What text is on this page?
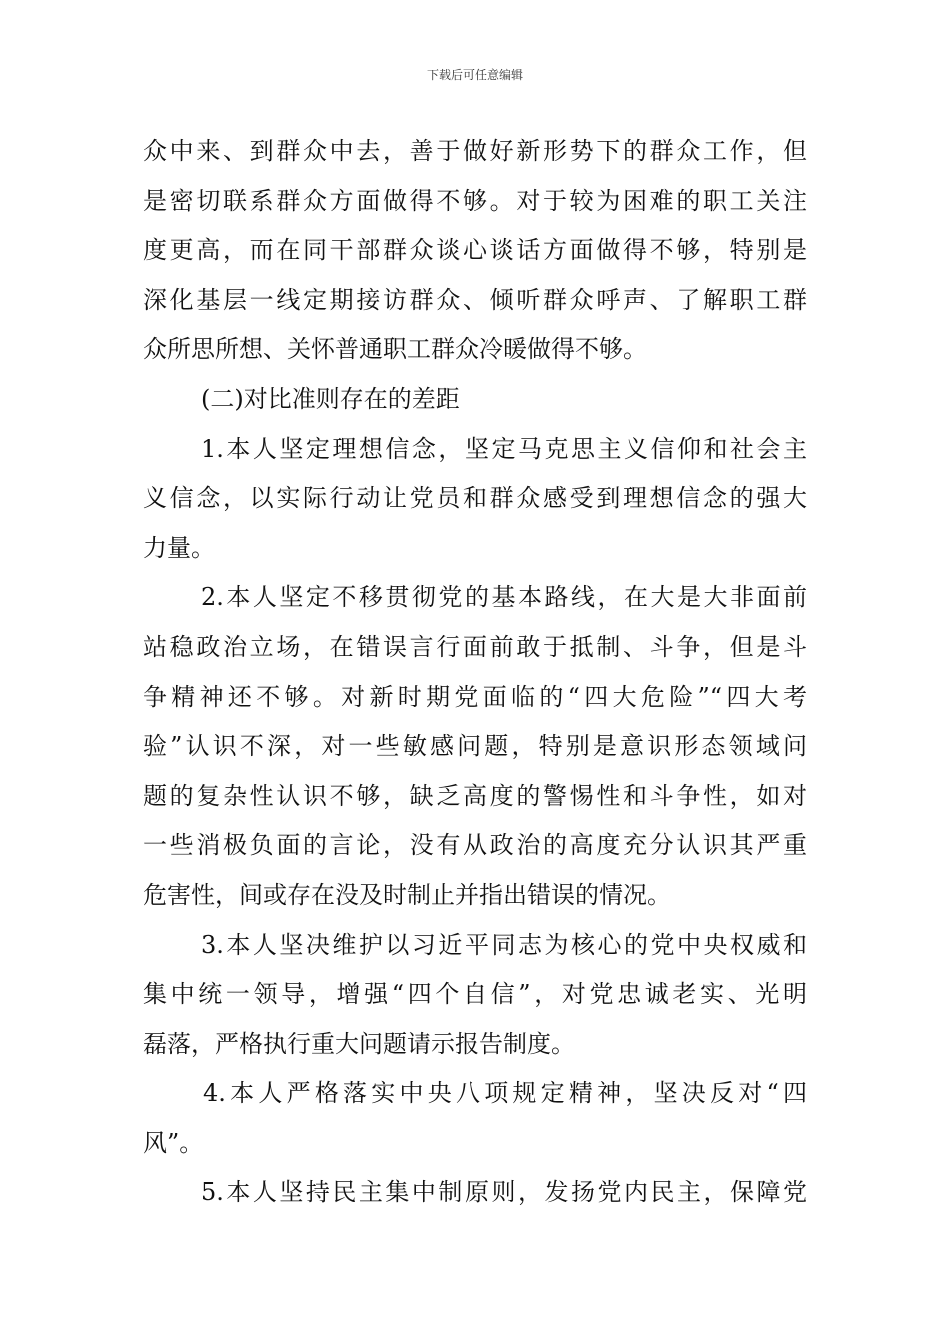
下载后可任意编辑
众中来、到群众中去，善于做好新形势下的群众工作，但
是密切联系群众方面做得不够。对于较为困难的职工关注
度更高，而在同干部群众谈心谈话方面做得不够，特别是
深化基层一线定期接访群众、倾听群众呼声、了解职工群
众所思所想、关怀普通职工群众冷暖做得不够。
(二)对比准则存在的差距
1.本人坚定理想信念，坚定马克思主义信仰和社会主
义信念，以实际行动让党员和群众感受到理想信念的强大
力量。
2.本人坚定不移贯彻党的基本路线，在大是大非面前
站稳政治立场，在错误言行面前敢于抵制、斗争，但是斗
争精神还不够。对新时期党面临的“四大危险”“四大考
验”认识不深，对一些敏感问题，特别是意识形态领域问
题的复杂性认识不够，缺乏高度的警惕性和斗争性，如对
一些消极负面的言论，没有从政治的高度充分认识其严重
危害性，间或存在没及时制止并指出错误的情况。
3.本人坚决维护以习近平同志为核心的党中央权威和
集中统一领导，增强“四个自信”，对党忠诚老实、光明
磊落，严格执行重大问题请示报告制度。
4.本人严格落实中央八项规定精神，坚决反对“四
风”。
5.本人坚持民主集中制原则，发扬党内民主，保障党
